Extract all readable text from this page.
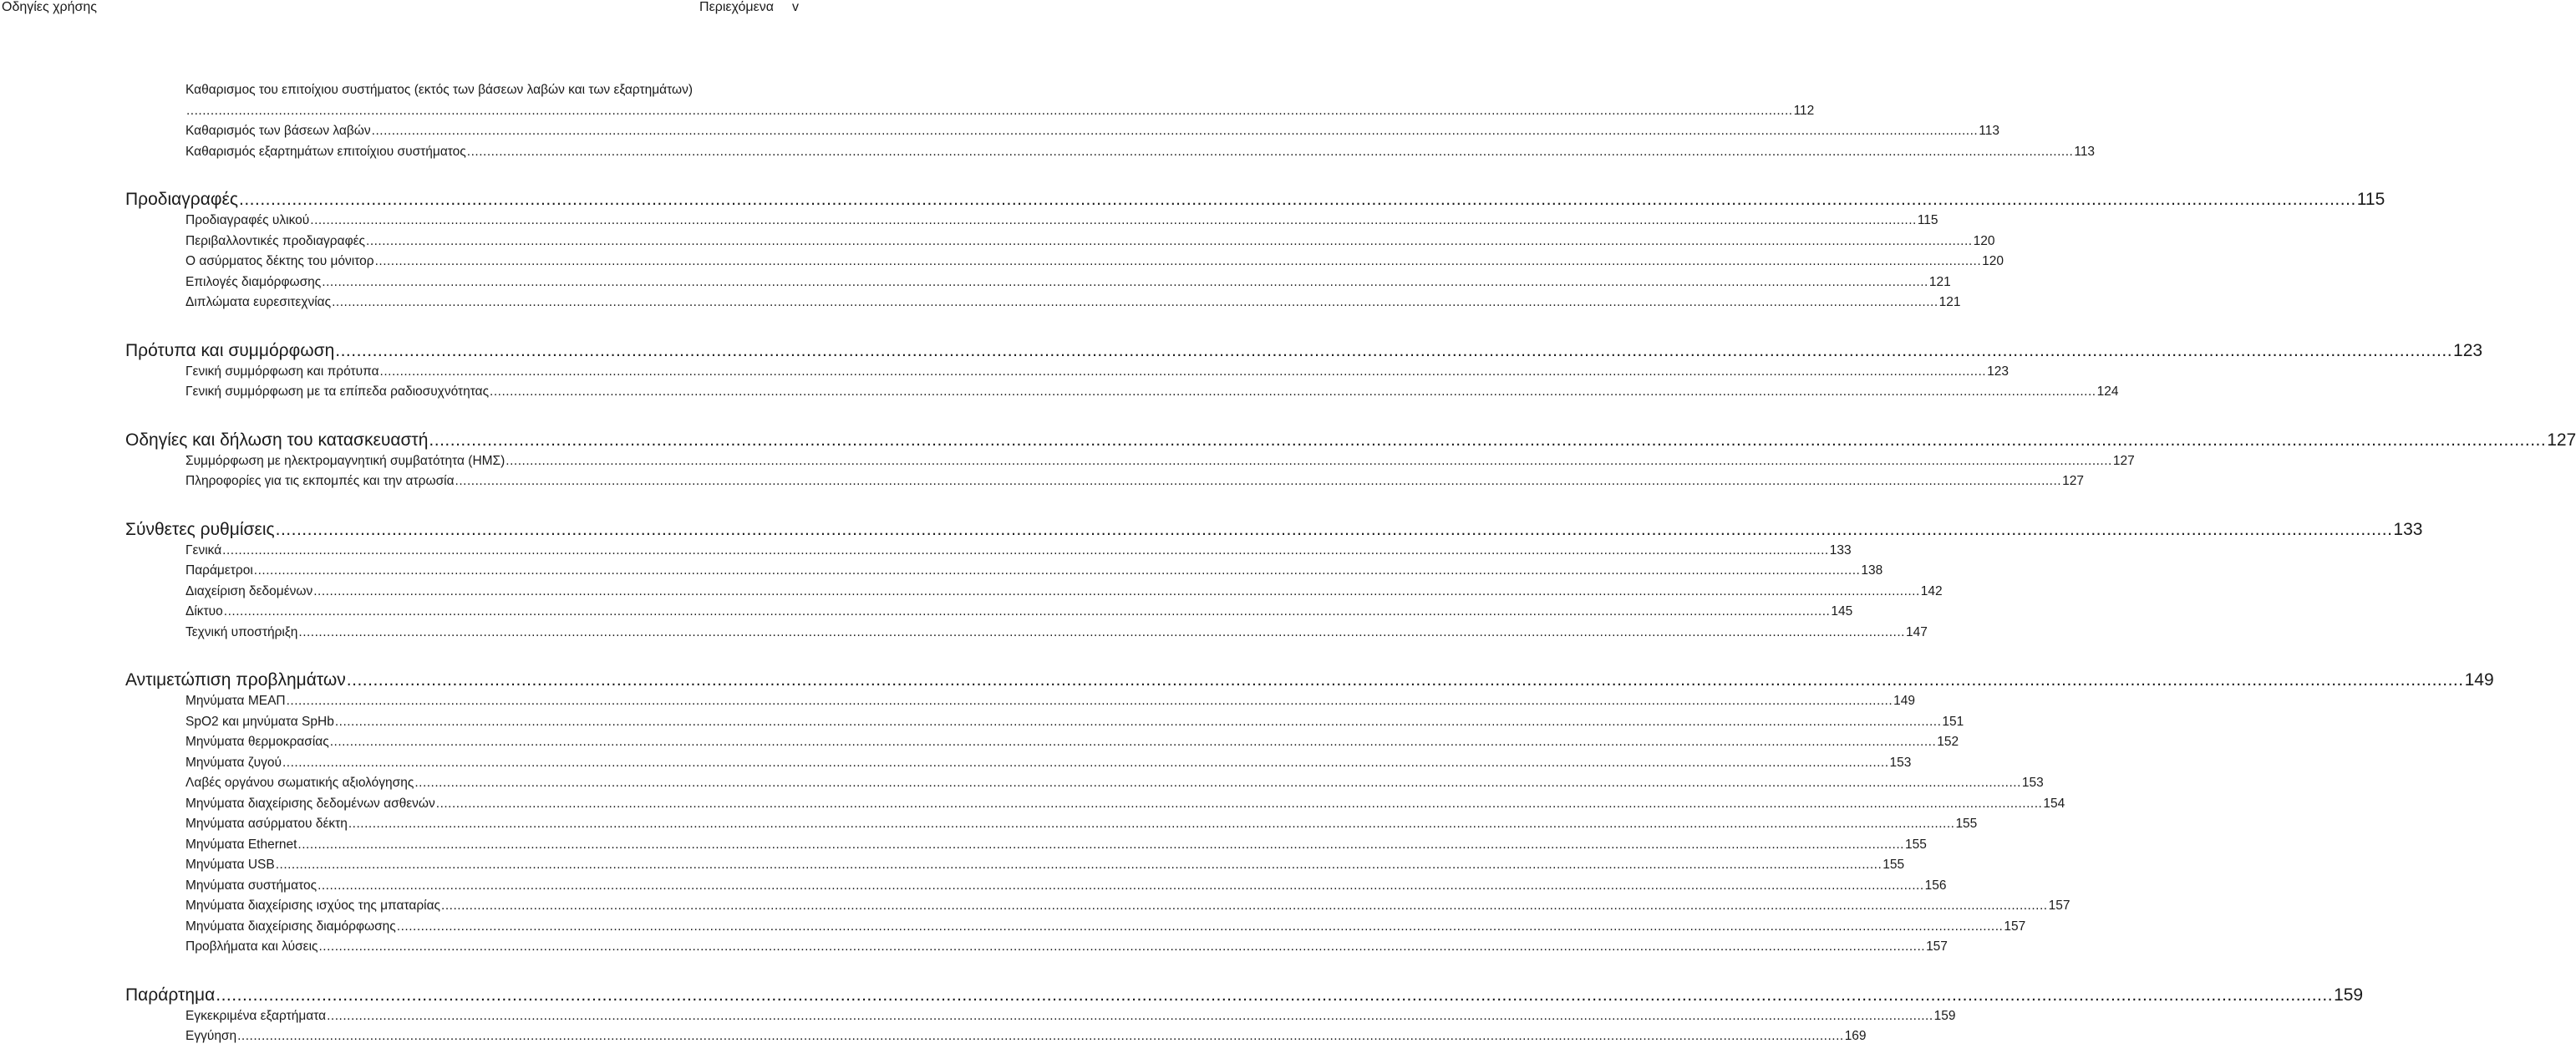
Οδηγίες χρήσης	Περιεχόμενα v
Καθαρισμος του επιτοίχιου συστήματος (εκτός των βάσεων λαβών και των εξαρτημάτων)
................................................................................................................................................................................................................................................................................................................................................................................................................ 112
Καθαρισμός των βάσεων λαβών ................................................................................................................................................................................................................................................................................................................................................................................................................ 113
Καθαρισμός εξαρτημάτων επιτοίχιου συστήματος ................................................................................................................................................................................................................................................................................................................................................................................................................ 113
Προδιαγραφές ................................................................................................................................................................................................................................................................................................................................................................................................................ 115
Προδιαγραφές υλικού ................................................................................................................................................................................................................................................................................................................................................................................................................ 115
Περιβαλλοντικές προδιαγραφές ................................................................................................................................................................................................................................................................................................................................................................................................................ 120
Ο ασύρματος δέκτης του μόνιτορ ................................................................................................................................................................................................................................................................................................................................................................................................................ 120
Επιλογές διαμόρφωσης ................................................................................................................................................................................................................................................................................................................................................................................................................ 121
Διπλώματα ευρεσιτεχνίας ................................................................................................................................................................................................................................................................................................................................................................................................................ 121
Πρότυπα και συμμόρφωση ................................................................................................................................................................................................................................................................................................................................................................................................................ 123
Γενική συμμόρφωση και πρότυπα ................................................................................................................................................................................................................................................................................................................................................................................................................ 123
Γενική συμμόρφωση με τα επίπεδα ραδιοσυχνότητας ................................................................................................................................................................................................................................................................................................................................................................................................................ 124
Οδηγίες και δήλωση του κατασκευαστή ................................................................................................................................................................................................................................................................................................................................................................................................................ 127
Συμμόρφωση με ηλεκτρομαγνητική συμβατότητα (ΗΜΣ) ................................................................................................................................................................................................................................................................................................................................................................................................................ 127
Πληροφορίες για τις εκπομπές και την ατρωσία ................................................................................................................................................................................................................................................................................................................................................................................................................ 127
Σύνθετες ρυθμίσεις ................................................................................................................................................................................................................................................................................................................................................................................................................ 133
Γενικά ................................................................................................................................................................................................................................................................................................................................................................................................................ 133
Παράμετροι ................................................................................................................................................................................................................................................................................................................................................................................................................ 138
Διαχείριση δεδομένων ................................................................................................................................................................................................................................................................................................................................................................................................................ 142
Δίκτυο ................................................................................................................................................................................................................................................................................................................................................................................................................ 145
Τεχνική υποστήριξη ................................................................................................................................................................................................................................................................................................................................................................................................................ 147
Αντιμετώπιση προβλημάτων ................................................................................................................................................................................................................................................................................................................................................................................................................ 149
Μηνύματα ΜΕΑΠ ................................................................................................................................................................................................................................................................................................................................................................................................................ 149
SpO2 και μηνύματα SpHb ................................................................................................................................................................................................................................................................................................................................................................................................................ 151
Μηνύματα θερμοκρασίας ................................................................................................................................................................................................................................................................................................................................................................................................................ 152
Μηνύματα ζυγού ................................................................................................................................................................................................................................................................................................................................................................................................................ 153
Λαβές οργάνου σωματικής αξιολόγησης ................................................................................................................................................................................................................................................................................................................................................................................................................ 153
Μηνύματα διαχείρισης δεδομένων ασθενών ................................................................................................................................................................................................................................................................................................................................................................................................................ 154
Μηνύματα ασύρματου δέκτη ................................................................................................................................................................................................................................................................................................................................................................................................................ 155
Μηνύματα Ethernet ................................................................................................................................................................................................................................................................................................................................................................................................................ 155
Μηνύματα USB ................................................................................................................................................................................................................................................................................................................................................................................................................ 155
Μηνύματα συστήματος ................................................................................................................................................................................................................................................................................................................................................................................................................ 156
Μηνύματα διαχείρισης ισχύος της μπαταρίας ................................................................................................................................................................................................................................................................................................................................................................................................................ 157
Μηνύματα διαχείρισης διαμόρφωσης ................................................................................................................................................................................................................................................................................................................................................................................................................ 157
Προβλήματα και λύσεις ................................................................................................................................................................................................................................................................................................................................................................................................................ 157
Παράρτημα ................................................................................................................................................................................................................................................................................................................................................................................................................ 159
Εγκεκριμένα εξαρτήματα ................................................................................................................................................................................................................................................................................................................................................................................................................ 159
Εγγύηση ................................................................................................................................................................................................................................................................................................................................................................................................................ 169
